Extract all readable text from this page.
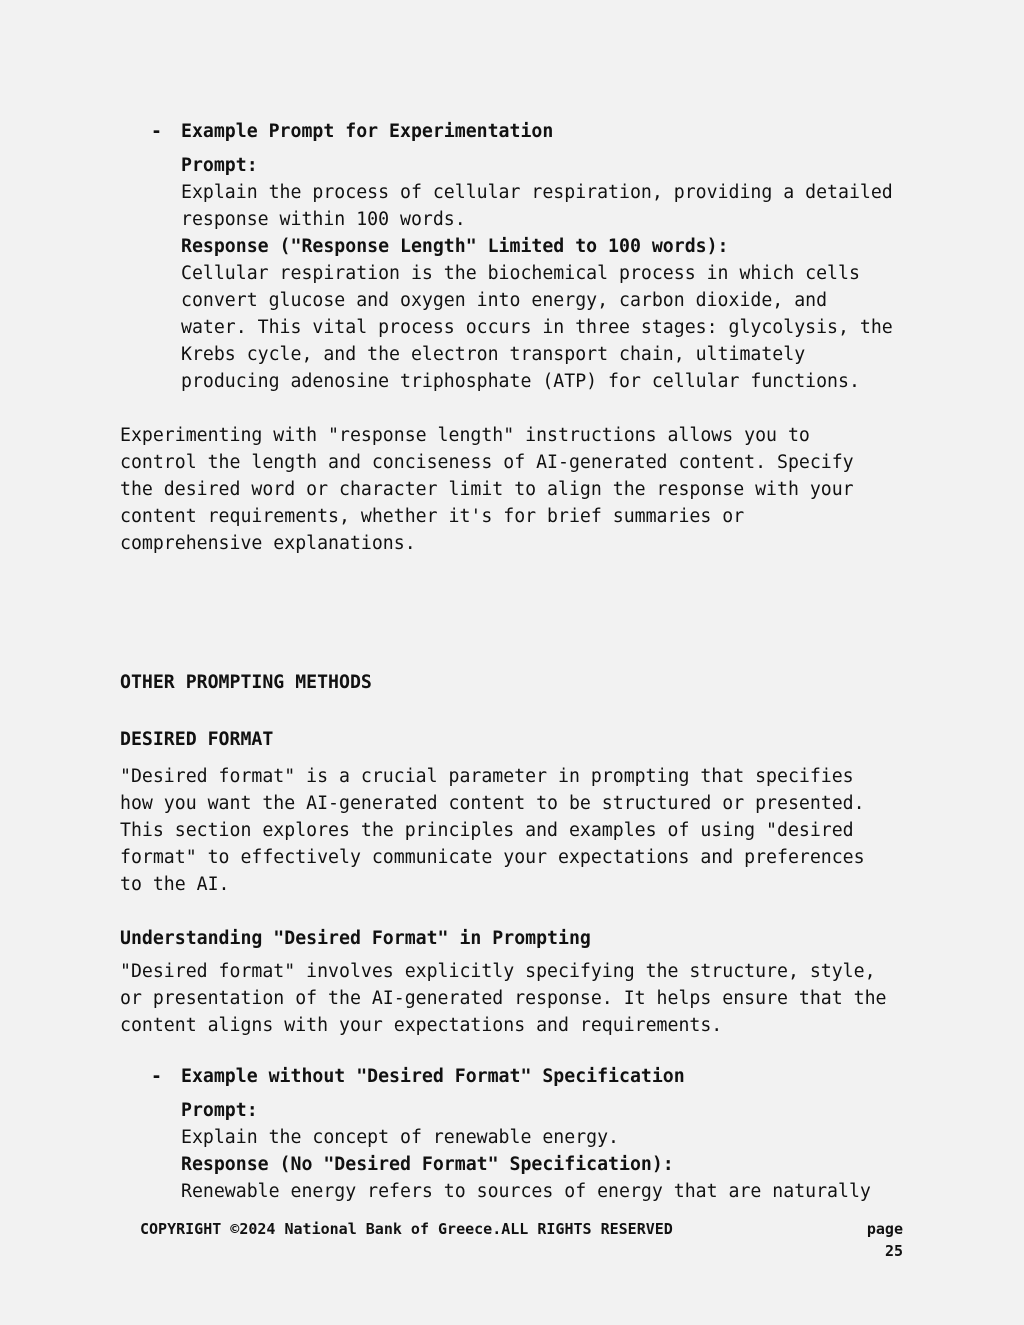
- Example Prompt for Experimentation
Prompt:
Explain the process of cellular respiration, providing a detailed
response within 100 words.
Response ("Response Length" Limited to 100 words):
Cellular respiration is the biochemical process in which cells
convert glucose and oxygen into energy, carbon dioxide, and
water. This vital process occurs in three stages: glycolysis, the
Krebs cycle, and the electron transport chain, ultimately
producing adenosine triphosphate (ATP) for cellular functions.
Experimenting with "response length" instructions allows you to
control the length and conciseness of AI-generated content. Specify
the desired word or character limit to align the response with your
content requirements, whether it's for brief summaries or
comprehensive explanations.
OTHER PROMPTING METHODS
DESIRED FORMAT
"Desired format" is a crucial parameter in prompting that specifies
how you want the AI-generated content to be structured or presented.
This section explores the principles and examples of using "desired
format" to effectively communicate your expectations and preferences
to the AI.
Understanding "Desired Format" in Prompting
"Desired format" involves explicitly specifying the structure, style,
or presentation of the AI-generated response. It helps ensure that the
content aligns with your expectations and requirements.
- Example without "Desired Format" Specification
Prompt:
Explain the concept of renewable energy.
Response (No "Desired Format" Specification):
Renewable energy refers to sources of energy that are naturally
COPYRIGHT ©2024 National Bank of Greece.ALL RIGHTS RESERVED	page
25
